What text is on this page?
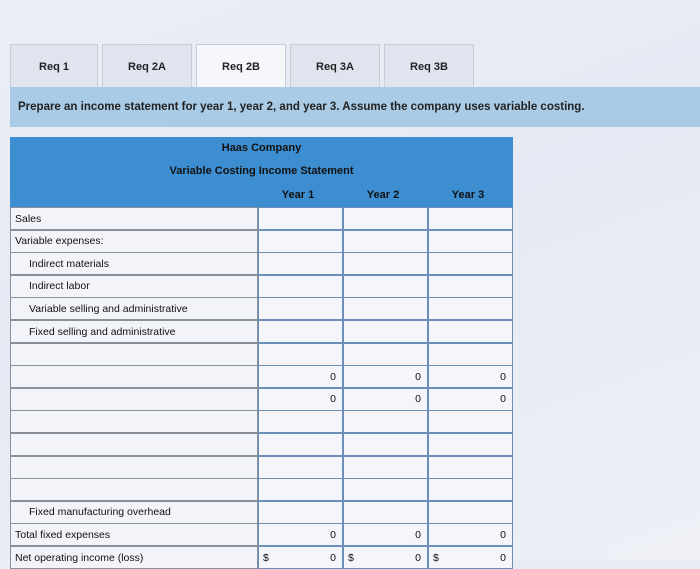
Req 1	Req 2A	Req 2B	Req 3A	Req 3B
Prepare an income statement for year 1, year 2, and year 3. Assume the company uses variable costing.
Haas Company
Variable Costing Income Statement
Year 1	Year 2	Year 3
Sales
Variable expenses:
Indirect materials
Indirect labor
Variable selling and administrative
Fixed selling and administrative
0	0	0
0	0	0
Fixed manufacturing overhead
Total fixed expenses	0	0	0
Net operating income (loss)	$	0 $	0 $	0
